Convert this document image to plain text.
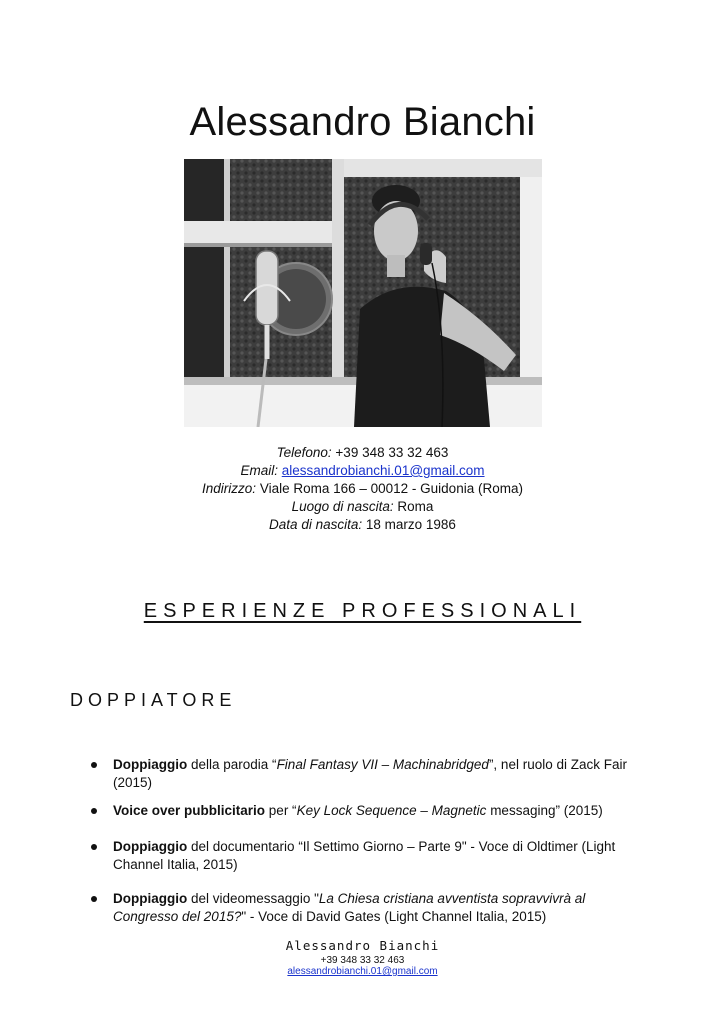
Alessandro Bianchi
Telefono: +39 348 33 32 463
Email: alessandrobianchi.01@gmail.com
Indirizzo: Viale Roma 166 – 00012 - Guidonia (Roma)
Luogo di nascita: Roma
Data di nascita: 18 marzo 1986
ESPERIENZE PROFESSIONALI
DOPPIATORE
Doppiaggio della parodia “Final Fantasy VII – Machinabridged”, nel ruolo di Zack Fair (2015)
Voice over pubblicitario per “Key Lock Sequence – Magnetic messaging” (2015)
Doppiaggio del documentario “Il Settimo Giorno – Parte 9" - Voce di Oldtimer (Light Channel Italia, 2015)
Doppiaggio del videomessaggio "La Chiesa cristiana avventista sopravvivrà al Congresso del 2015?" - Voce di David Gates (Light Channel Italia, 2015)
Alessandro Bianchi
+39 348 33 32 463
alessandrobianchi.01@gmail.com
